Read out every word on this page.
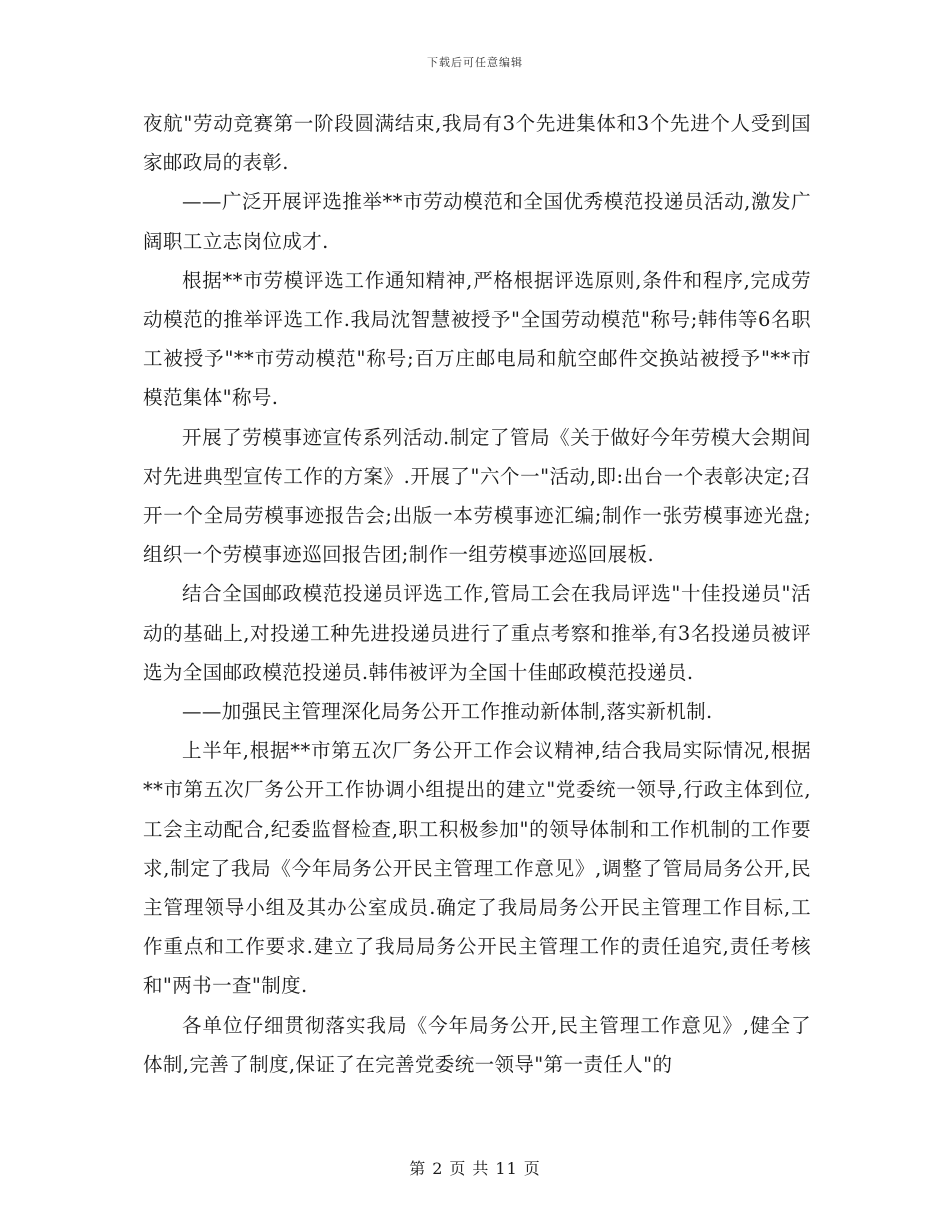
下载后可任意编辑

夜航"劳动竞赛第一阶段圆满结束,我局有3个先进集体和3个先进个人受到国家邮政局的表彰.

——广泛开展评选推举**市劳动模范和全国优秀模范投递员活动,激发广阔职工立志岗位成才.

根据**市劳模评选工作通知精神,严格根据评选原则,条件和程序,完成劳动模范的推举评选工作.我局沈智慧被授予"全国劳动模范"称号;韩伟等6名职工被授予"**市劳动模范"称号;百万庄邮电局和航空邮件交换站被授予"**市模范集体"称号.

开展了劳模事迹宣传系列活动.制定了管局《关于做好今年劳模大会期间对先进典型宣传工作的方案》.开展了"六个一"活动,即:出台一个表彰决定;召开一个全局劳模事迹报告会;出版一本劳模事迹汇编;制作一张劳模事迹光盘;组织一个劳模事迹巡回报告团;制作一组劳模事迹巡回展板.

结合全国邮政模范投递员评选工作,管局工会在我局评选"十佳投递员"活动的基础上,对投递工种先进投递员进行了重点考察和推举,有3名投递员被评选为全国邮政模范投递员.韩伟被评为全国十佳邮政模范投递员.

——加强民主管理深化局务公开工作推动新体制,落实新机制.

上半年,根据**市第五次厂务公开工作会议精神,结合我局实际情况,根据**市第五次厂务公开工作协调小组提出的建立"党委统一领导,行政主体到位,工会主动配合,纪委监督检查,职工积极参加"的领导体制和工作机制的工作要求,制定了我局《今年局务公开民主管理工作意见》,调整了管局局务公开,民主管理领导小组及其办公室成员.确定了我局局务公开民主管理工作目标,工作重点和工作要求.建立了我局局务公开民主管理工作的责任追究,责任考核和"两书一查"制度.

各单位仔细贯彻落实我局《今年局务公开,民主管理工作意见》,健全了体制,完善了制度,保证了在完善党委统一领导"第一责任人"的

第 2 页 共 11 页
